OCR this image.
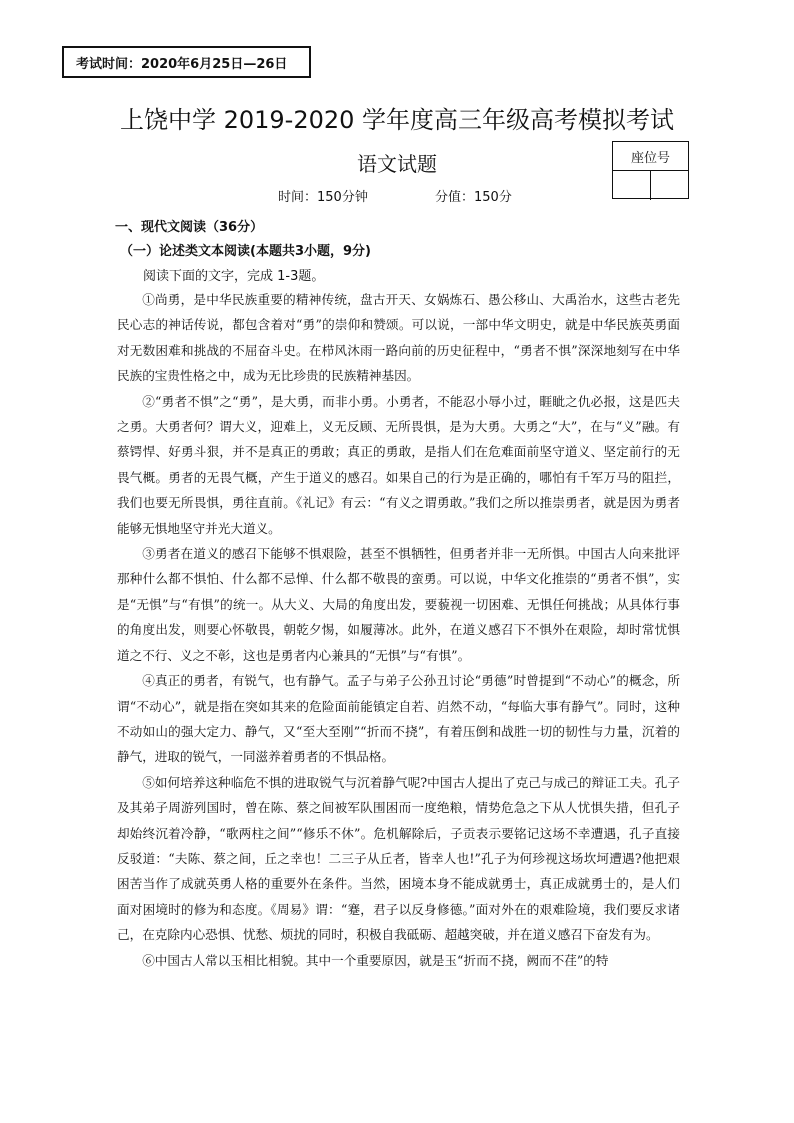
考试时间：2020年6月25日—26日
上饶中学 2019-2020 学年度高三年级高考模拟考试
语文试题	座位号
时间：150分钟	分值：150分
一、现代文阅读（36分）
（一）论述类文本阅读(本题共3小题，9分)
阅读下面的文字，完成 1-3题。

①尚勇，是中华民族重要的精神传统，盘古开天、女娲炼石、愚公移山、大禹治水，这些古老先民心志的神话传说，都包含着对“勇”的崇仰和赞颂。可以说，一部中华文明史，就是中华民族英勇面对无数困难和挑战的不屈奋斗史。在栉风沐雨一路向前的历史征程中，“勇者不惧”深深地刻写在中华民族的宝贵性格之中，成为无比珍贵的民族精神基因。

②“勇者不惧”之“勇”，是大勇，而非小勇。小勇者，不能忍小辱小过，睚眦之仇必报，这是匹夫之勇。大勇者何？谓大义，迎难上，义无反顾、无所畏惧，是为大勇。大勇之“大”，在与“义”融。有蔡锷悍、好勇斗狠，并不是真正的勇敢；真正的勇敢，是指人们在危难面前坚守道义、坚定前行的无畏气概。勇者的无畏气概，产生于道义的感召。如果自己的行为是正确的，哪怕有千军万马的阻拦，我们也要无所畏惧，勇往直前。《礼记》有云：“有义之谓勇敢。”我们之所以推崇勇者，就是因为勇者能够无惧地坚守并光大道义。

③勇者在道义的感召下能够不惧艰险，甚至不惧牺牲，但勇者并非一无所惧。中国古人向来批评那种什么都不惧怕、什么都不忌惮、什么都不敬畏的蛮勇。可以说，中华文化推崇的“勇者不惧”，实是“无惧”与“有惧”的统一。从大义、大局的角度出发，要藐视一切困难、无惧任何挑战；从具体行事的角度出发，则要心怀敬畏，朝乾夕惕，如履薄冰。此外，在道义感召下不惧外在艰险，却时常忧惧道之不行、义之不彰，这也是勇者内心兼具的“无惧”与“有惧”。

④真正的勇者，有锐气，也有静气。孟子与弟子公孙丑讨论“勇德”时曾提到“不动心”的概念，所谓“不动心”，就是指在突如其来的危险面前能镇定自若、岿然不动，“每临大事有静气”。同时，这种不动如山的强大定力、静气，又“至大至刚”“折而不挠”，有着压倒和战胜一切的韧性与力量，沉着的静气，进取的锐气，一同滋养着勇者的不惧品格。

⑤如何培养这种临危不惧的进取锐气与沉着静气呢?中国古人提出了克己与成己的辩证工夫。孔子及其弟子周游列国时，曾在陈、蔡之间被军队围困而一度绝粮，情势危急之下从人忧惧失措，但孔子却始终沉着冷静，“歌两柱之间”“修乐不休”。危机解除后，子贡表示要铭记这场不幸遭遇，孔子直接反驳道：“夫陈、蔡之间，丘之幸也！二三子从丘者，皆幸人也!”孔子为何珍视这场坎坷遭遇?他把艰困苦当作了成就英勇人格的重要外在条件。当然，困境本身不能成就勇士，真正成就勇士的，是人们面对困境时的修为和态度。《周易》谓：“蹇，君子以反身修德。”面对外在的艰难险境，我们要反求诸己，在克除内心恐惧、忧愁、烦扰的同时，积极自我砥砺、超越突破，并在道义感召下奋发有为。

⑥中国古人常以玉相比相貌。其中一个重要原因，就是玉“折而不挠，阙而不荏”的特
